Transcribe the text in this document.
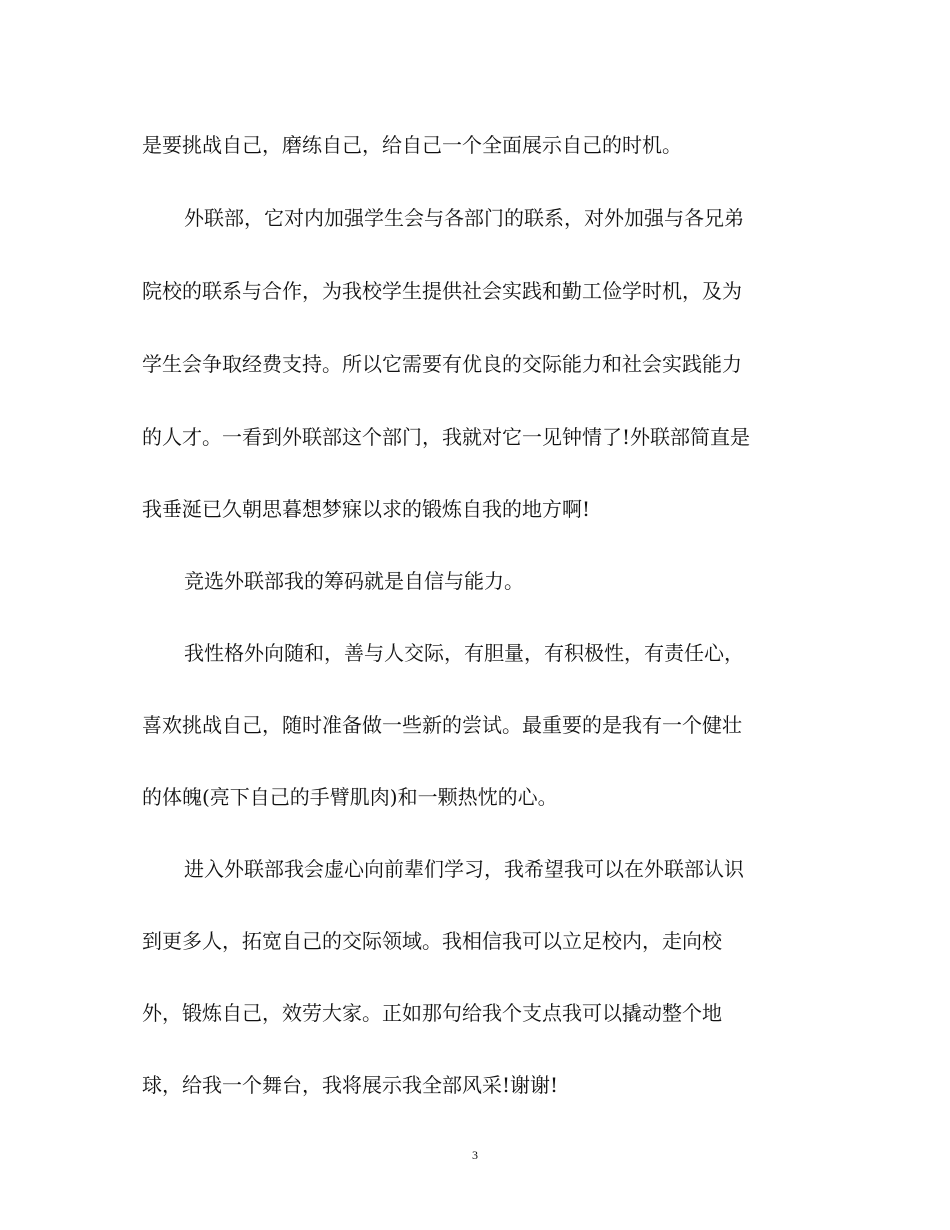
是要挑战自己，磨练自己，给自己一个全面展示自己的时机。

外联部，它对内加强学生会与各部门的联系，对外加强与各兄弟

院校的联系与合作，为我校学生提供社会实践和勤工俭学时机，及为

学生会争取经费支持。所以它需要有优良的交际能力和社会实践能力

的人才。一看到外联部这个部门，我就对它一见钟情了!外联部简直是

我垂涎已久朝思暮想梦寐以求的锻炼自我的地方啊!

竞选外联部我的筹码就是自信与能力。

我性格外向随和，善与人交际，有胆量，有积极性，有责任心，

喜欢挑战自己，随时准备做一些新的尝试。最重要的是我有一个健壮

的体魄(亮下自己的手臂肌肉)和一颗热忱的心。

进入外联部我会虚心向前辈们学习，我希望我可以在外联部认识

到更多人，拓宽自己的交际领域。我相信我可以立足校内，走向校

外，锻炼自己，效劳大家。正如那句给我个支点我可以撬动整个地

球，给我一个舞台，我将展示我全部风采!谢谢!

3
